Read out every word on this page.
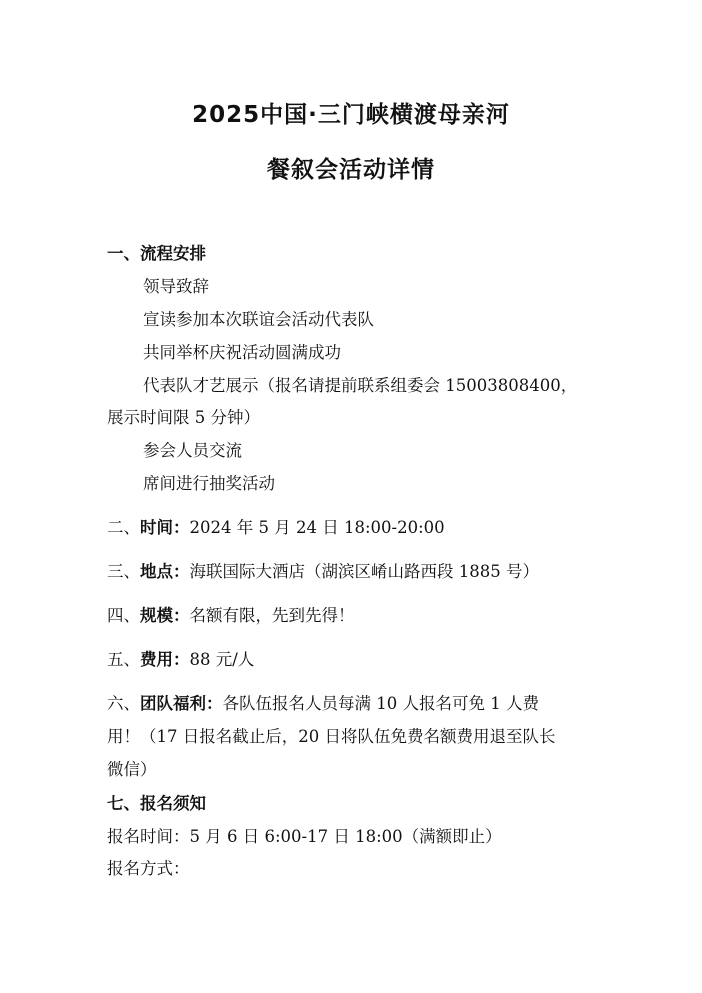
2025中国·三门峡横渡母亲河
餐叙会活动详情
一、流程安排
领导致辞
宣读参加本次联谊会活动代表队
共同举杯庆祝活动圆满成功
代表队才艺展示（报名请提前联系组委会 15003808400，
展示时间限 5 分钟）
参会人员交流
席间进行抽奖活动
二、时间：2024 年 5 月 24 日 18:00-20:00
三、地点：海联国际大酒店（湖滨区崤山路西段 1885 号）
四、规模：名额有限，先到先得！
五、费用：88 元/人
六、团队福利：各队伍报名人员每满 10 人报名可免 1 人费
用！（17 日报名截止后，20 日将队伍免费名额费用退至队长
微信）
七、报名须知
报名时间：5 月 6 日 6:00-17 日 18:00（满额即止）
报名方式：
